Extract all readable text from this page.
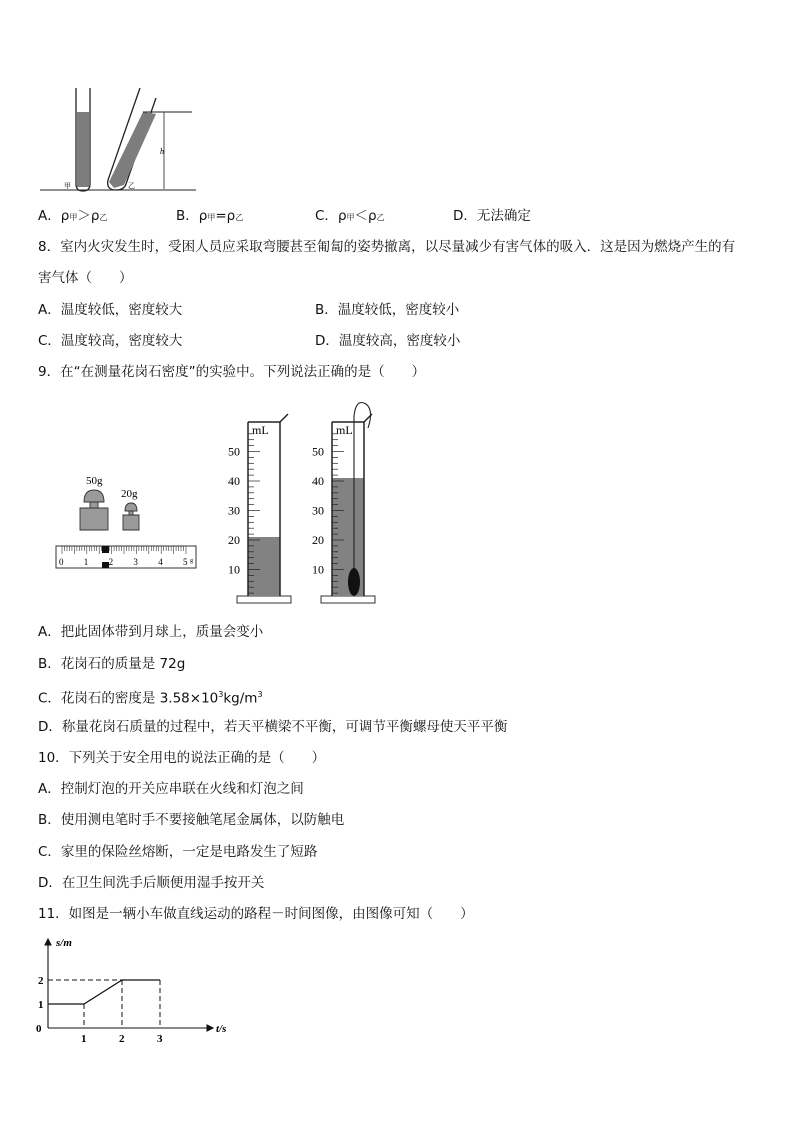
h
甲	乙
A．ρ甲＞ρ乙	B．ρ甲=ρ乙	C．ρ甲＜ρ乙	D．无法确定
8．室内火灾发生时，受困人员应采取弯腰甚至匍匐的姿势撤离，以尽量减少有害气体的吸入．这是因为燃烧产生的有
害气体（　　）
A．温度较低，密度较大	B．温度较低，密度较小
C．温度较高，密度较大	D．温度较高，密度较小
9．在“在测量花岗石密度”的实验中。下列说法正确的是（　　）
50g
20g
0 1 2 3 4 5 g
mL
50
40
30
20
10
mL
50
40
30
20
10
A．把此固体带到月球上，质量会变小
B．花岗石的质量是 72g
C．花岗石的密度是 $3.58\times 10^3kg/m^3$
D．称量花岗石质量的过程中，若天平横梁不平衡，可调节平衡螺母使天平平衡
10．下列关于安全用电的说法正确的是（　　）
A．控制灯泡的开关应串联在火线和灯泡之间
B．使用测电笔时手不要接触笔尾金属体，以防触电
C．家里的保险丝熔断，一定是电路发生了短路
D．在卫生间洗手后顺便用湿手按开关
11．如图是一辆小车做直线运动的路程－时间图像，由图像可知（　　）
s/m
t/s
0
1
2
1	2	3
